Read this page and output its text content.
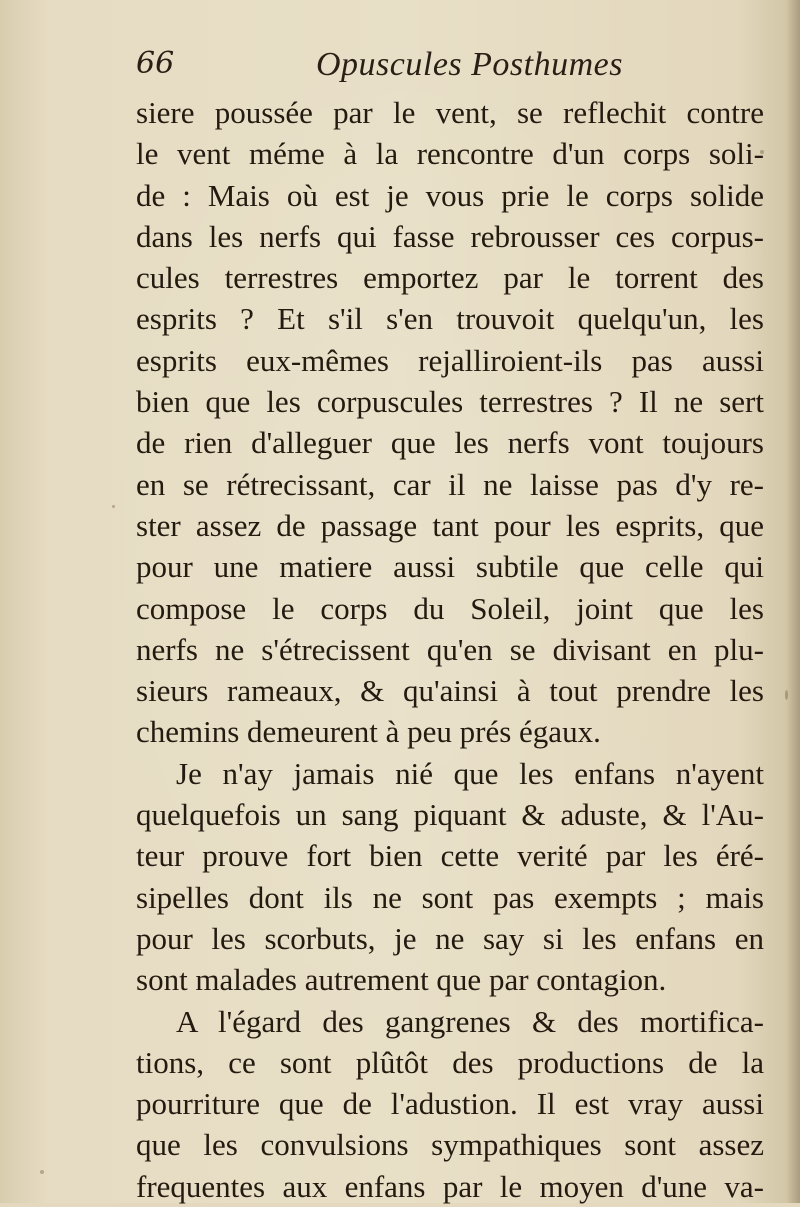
66	Opuscules Posthumes
siere poussée par le vent, se reflechit contre
le vent méme à la rencontre d'un corps soli-
de : Mais où est je vous prie le corps solide
dans les nerfs qui fasse rebrousser ces corpus-
cules terrestres emportez par le torrent des
esprits ? Et s'il s'en trouvoit quelqu'un, les
esprits eux-mêmes rejalliroient-ils pas aussi
bien que les corpuscules terrestres ? Il ne sert
de rien d'alleguer que les nerfs vont toujours
en se rétrecissant, car il ne laisse pas d'y re-
ster assez de passage tant pour les esprits, que
pour une matiere aussi subtile que celle qui
compose le corps du Soleil, joint que les
nerfs ne s'étrecissent qu'en se divisant en plu-
sieurs rameaux, & qu'ainsi à tout prendre les
chemins demeurent à peu prés égaux.
Je n'ay jamais nié que les enfans n'ayent
quelquefois un sang piquant & aduste, & l'Au-
teur prouve fort bien cette verité par les éré-
sipelles dont ils ne sont pas exempts ; mais
pour les scorbuts, je ne say si les enfans en
sont malades autrement que par contagion.
A l'égard des gangrenes & des mortifica-
tions, ce sont plûtôt des productions de la
pourriture que de l'adustion. Il est vray aussi
que les convulsions sympathiques sont assez
frequentes aux enfans par le moyen d'une va-
